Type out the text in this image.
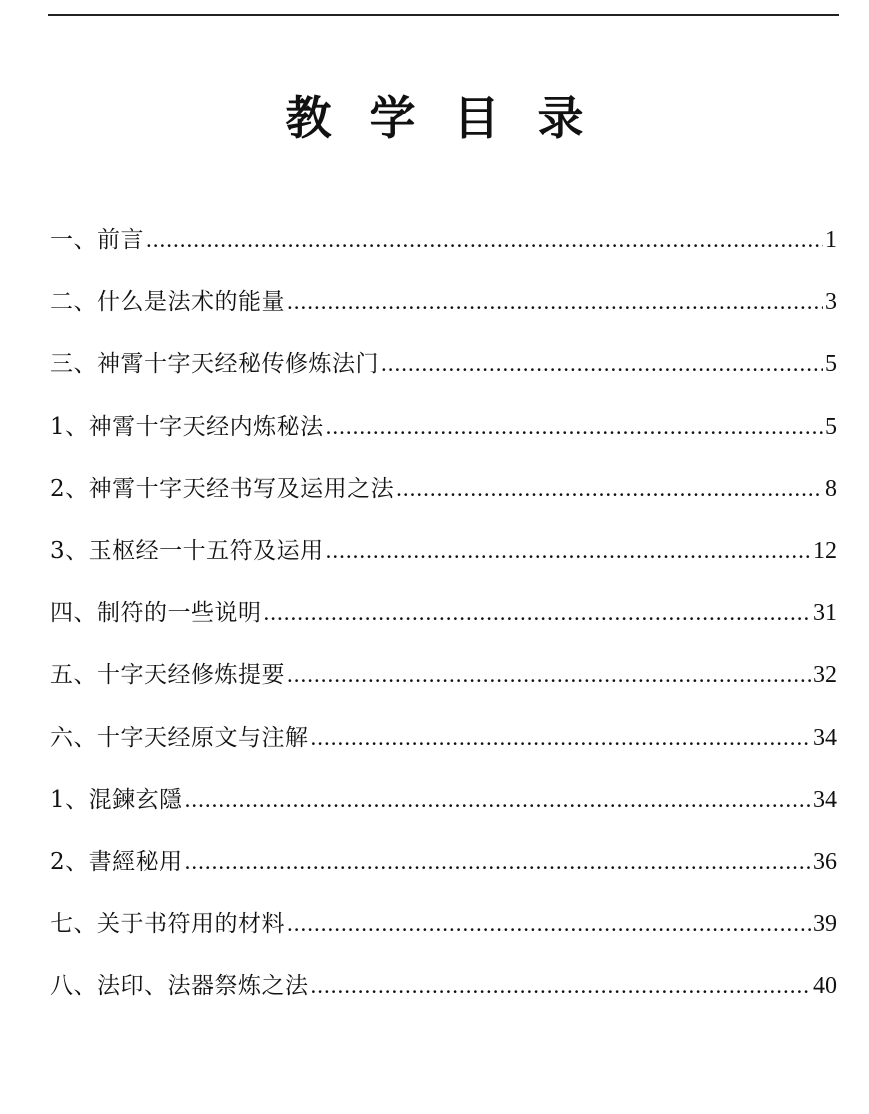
教学目录
一、前言 .....	1
二、什么是法术的能量 .....	3
三、神霄十字天经秘传修炼法门 .....	5
1、神霄十字天经内炼秘法 .....	5
2、神霄十字天经书写及运用之法 .....	8
3、玉枢经一十五符及运用 .....	12
四、制符的一些说明 .....	31
五、十字天经修炼提要 .....	32
六、十字天经原文与注解 .....	34
1、混鍊玄隱 .....	34
2、書經秘用 .....	36
七、关于书符用的材料 .....	39
八、法印、法器祭炼之法 .....	40
